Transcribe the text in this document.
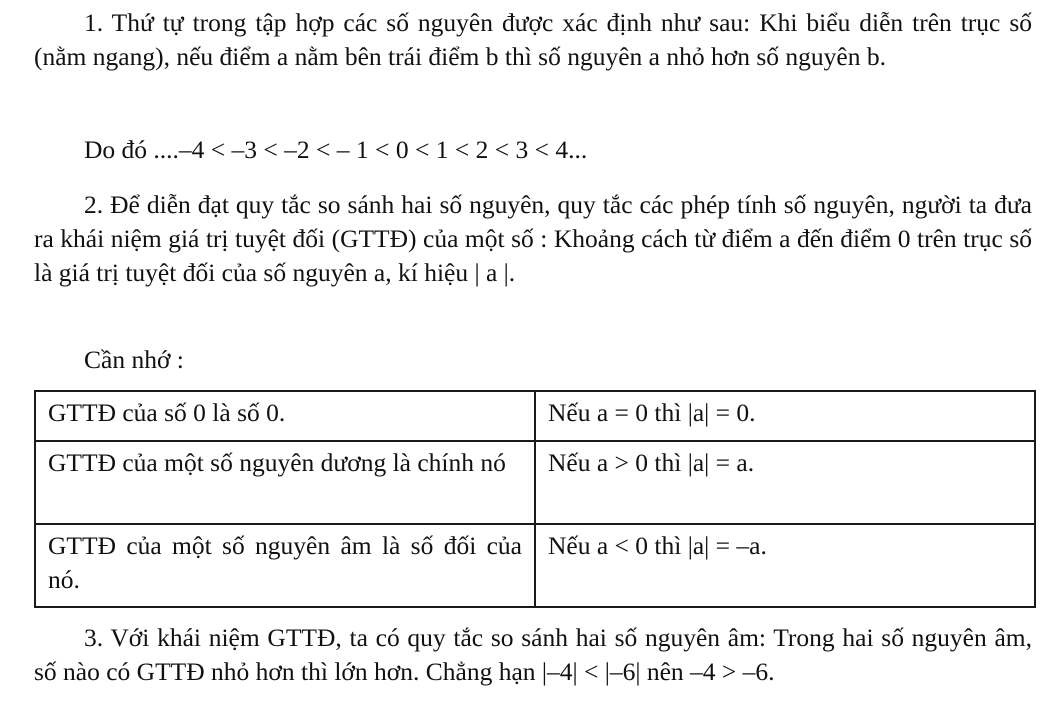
1. Thứ tự trong tập hợp các số nguyên được xác định như sau: Khi biểu diễn trên trục số (nằm ngang), nếu điểm a nằm bên trái điểm b thì số nguyên a nhỏ hơn số nguyên b.

Do đó ....–4 < –3 < –2 < – 1 < 0 < 1 < 2 < 3 < 4...

2. Để diễn đạt quy tắc so sánh hai số nguyên, quy tắc các phép tính số nguyên, người ta đưa ra khái niệm giá trị tuyệt đối (GTTĐ) của một số : Khoảng cách từ điểm a đến điểm 0 trên trục số là giá trị tuyệt đối của số nguyên a, kí hiệu | a |.

Cần nhớ :

GTTĐ của số 0 là số 0.	Nếu a = 0 thì |a| = 0.
GTTĐ của một số nguyên dương là chính nó	Nếu a > 0 thì |a| = a.
GTTĐ của một số nguyên âm là số đối của nó.	Nếu a < 0 thì |a| = –a.

3. Với khái niệm GTTĐ, ta có quy tắc so sánh hai số nguyên âm: Trong hai số nguyên âm, số nào có GTTĐ nhỏ hơn thì lớn hơn. Chẳng hạn |–4| < |–6| nên –4 > –6.
